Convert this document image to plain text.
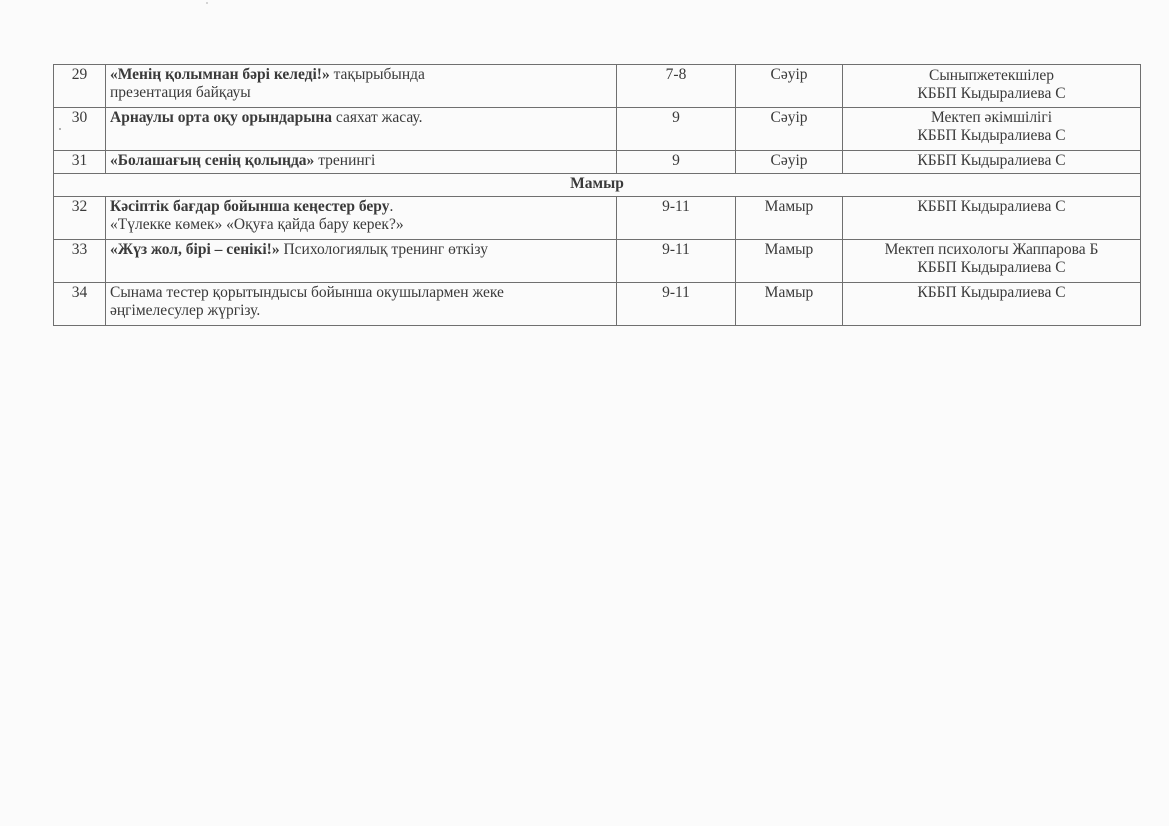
29	«Менің қолымнан бәрі келеді!» тақырыбында
презентация байқауы	7-8	Сәуір	Сыныпжетекшілер
КББП Кыдыралиева С

30	Арнаулы орта оқу орындарына саяхат жасау.	9	Сәуір	Мектеп әкімшілігі
КББП Кыдыралиева С

31	«Болашағың сенің қолыңда» тренингі	9	Сәуір	КББП Кыдыралиева С

Мамыр				
32	Кәсіптік бағдар бойынша кеңестер беру.
«Түлекке көмек» «Оқуға қайда бару керек?»	9-11	Мамыр	КББП Кыдыралиева С

33	«Жүз жол, бірі – сенікі!» Психологиялық тренинг өткізу	9-11	Мамыр	Мектеп психологы Жаппарова Б
КББП Кыдыралиева С

34	Сынама тестер қорытындысы бойынша окушылармен жеке
әңгімелесулер жүргізу.	9-11	Мамыр	КББП Кыдыралиева С
